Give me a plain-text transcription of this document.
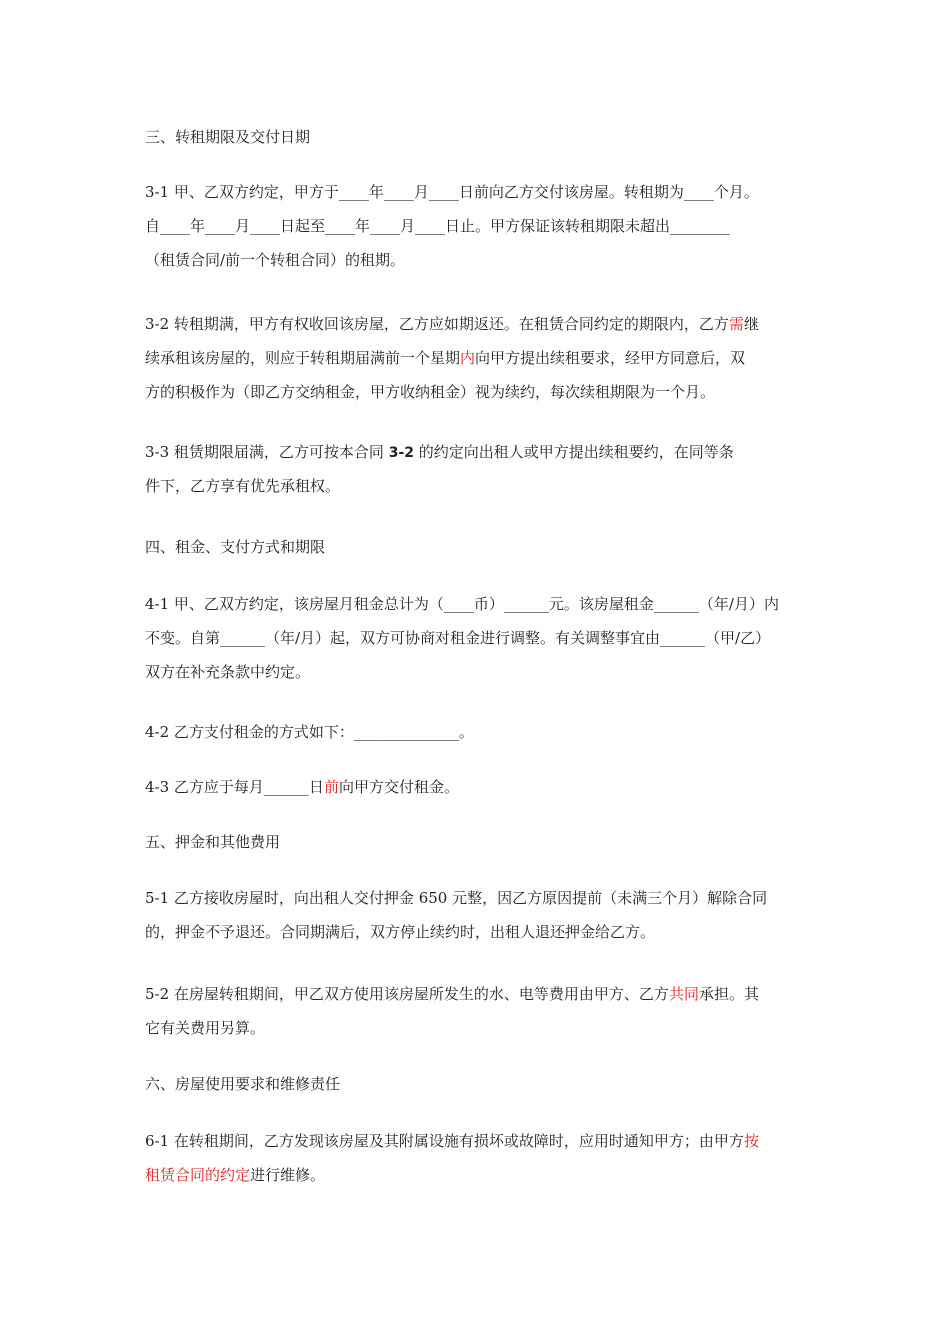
三、转租期限及交付日期
3-1 甲、乙双方约定，甲方于____年____月____日前向乙方交付该房屋。转租期为____个月。
自____年____月____日起至____年____月____日止。甲方保证该转租期限未超出________
（租赁合同/前一个转租合同）的租期。
3-2 转租期满，甲方有权收回该房屋，乙方应如期返还。在租赁合同约定的期限内，乙方需继
续承租该房屋的，则应于转租期届满前一个星期内向甲方提出续租要求，经甲方同意后，双
方的积极作为（即乙方交纳租金，甲方收纳租金）视为续约，每次续租期限为一个月。
3-3 租赁期限届满，乙方可按本合同 3-2 的约定向出租人或甲方提出续租要约，在同等条
件下，乙方享有优先承租权。
四、租金、支付方式和期限
4-1 甲、乙双方约定，该房屋月租金总计为（____币）______元。该房屋租金______（年/月）内
不变。自第______（年/月）起，双方可协商对租金进行调整。有关调整事宜由______（甲/乙）
双方在补充条款中约定。
4-2 乙方支付租金的方式如下：______________。
4-3 乙方应于每月______日前向甲方交付租金。
五、押金和其他费用
5-1 乙方接收房屋时，向出租人交付押金 650 元整，因乙方原因提前（未满三个月）解除合同
的，押金不予退还。合同期满后，双方停止续约时，出租人退还押金给乙方。
5-2 在房屋转租期间，甲乙双方使用该房屋所发生的水、电等费用由甲方、乙方共同承担。其
它有关费用另算。
六、房屋使用要求和维修责任
6-1 在转租期间，乙方发现该房屋及其附属设施有损坏或故障时，应用时通知甲方；由甲方按
租赁合同的约定进行维修。
